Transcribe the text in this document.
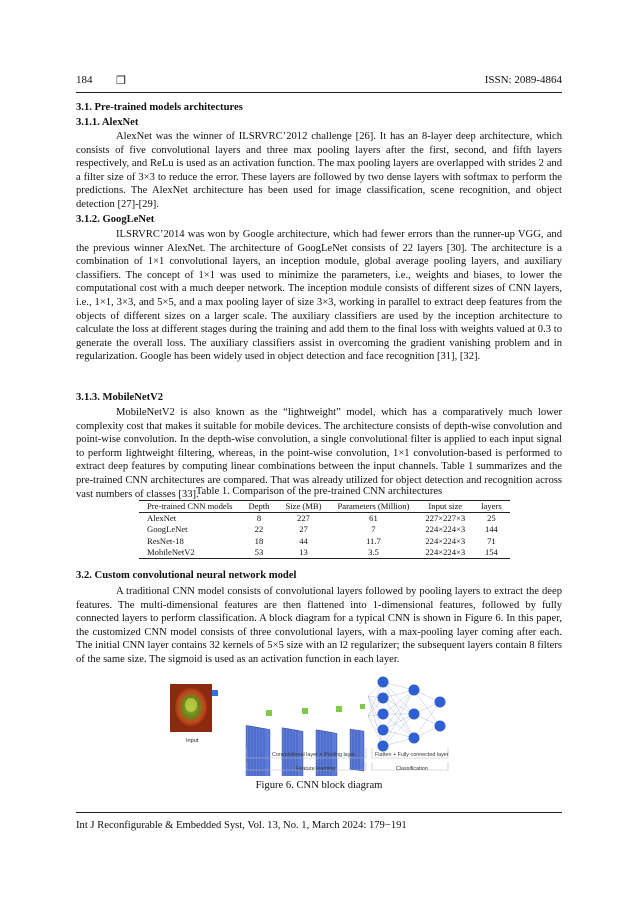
184 ❐	ISSN: 2089-4864
3.1. Pre-trained models architectures
3.1.1. AlexNet

AlexNet was the winner of ILSRVRC’2012 challenge [26]. It has an 8-layer deep architecture, which consists of five convolutional layers and three max pooling layers after the first, second, and fifth layers respectively, and ReLu is used as an activation function. The max pooling layers are overlapped with strides 2 and a filter size of 3×3 to reduce the error. These layers are followed by two dense layers with softmax to perform the predictions. The AlexNet architecture has been used for image classification, scene recognition, and object detection [27]-[29].

3.1.2. GoogLeNet

ILSRVRC’2014 was won by Google architecture, which had fewer errors than the runner-up VGG, and the previous winner AlexNet. The architecture of GoogLeNet consists of 22 layers [30]. The architecture is a combination of 1×1 convolutional layers, an inception module, global average pooling layers, and auxiliary classifiers. The concept of 1×1 was used to minimize the parameters, i.e., weights and biases, to lower the computational cost with a much deeper network. The inception module consists of different sizes of CNN layers, i.e., 1×1, 3×3, and 5×5, and a max pooling layer of size 3×3, working in parallel to extract deep features from the objects of different sizes on a larger scale. The auxiliary classifiers are used by the inception architecture to calculate the loss at different stages during the training and add them to the final loss with weights valued at 0.3 to generate the overall loss. The auxiliary classifiers assist in overcoming the gradient vanishing problem and in regularization. Google has been widely used in object detection and face recognition [31], [32].

3.1.3. MobileNetV2

MobileNetV2 is also known as the “lightweight” model, which has a comparatively much lower complexity cost that makes it suitable for mobile devices. The architecture consists of depth-wise convolution and point-wise convolution. In the depth-wise convolution, a single convolutional filter is applied to each input signal to perform lightweight filtering, whereas, in the point-wise convolution, 1×1 convolution-based is performed to extract deep features by computing linear combinations between the input channels. Table 1 summarizes and the pre-trained CNN architectures are compared. That was already utilized for object detection and recognition across vast numbers of classes [33].

Table 1. Comparison of the pre-trained CNN architectures
Pre-trained CNN models	Depth	Size (MB)	Parameters (Million)	Input size	layers
AlexNet	8	227	61	227×227×3	25
GoogLeNet	22	27	7	224×224×3	144
ResNet-18	18	44	11.7	224×224×3	71
MobileNetV2	53	13	3.5	224×224×3	154
3.2. Custom convolutional neural network model

A traditional CNN model consists of convolutional layers followed by pooling layers to extract the deep features. The multi-dimensional features are then flattened into 1-dimensional features, followed by fully connected layers to perform classification. A block diagram for a typical CNN is shown in Figure 6. In this paper, the customized CNN model consists of three convolutional layers, with a max-pooling layer coming after each. The initial CNN layer contains 32 kernels of 5×5 size with an l2 regularizer; the subsequent layers contain 8 filters of the same size. The sigmoid is used as an activation function in each layer.

Input
Convolutional layer + Pooling layer	Flatten + Fully connected layer
Feature learning	Classification
Figure 6. CNN block diagram
Int J Reconfigurable & Embedded Syst, Vol. 13, No. 1, March 2024: 179−191
